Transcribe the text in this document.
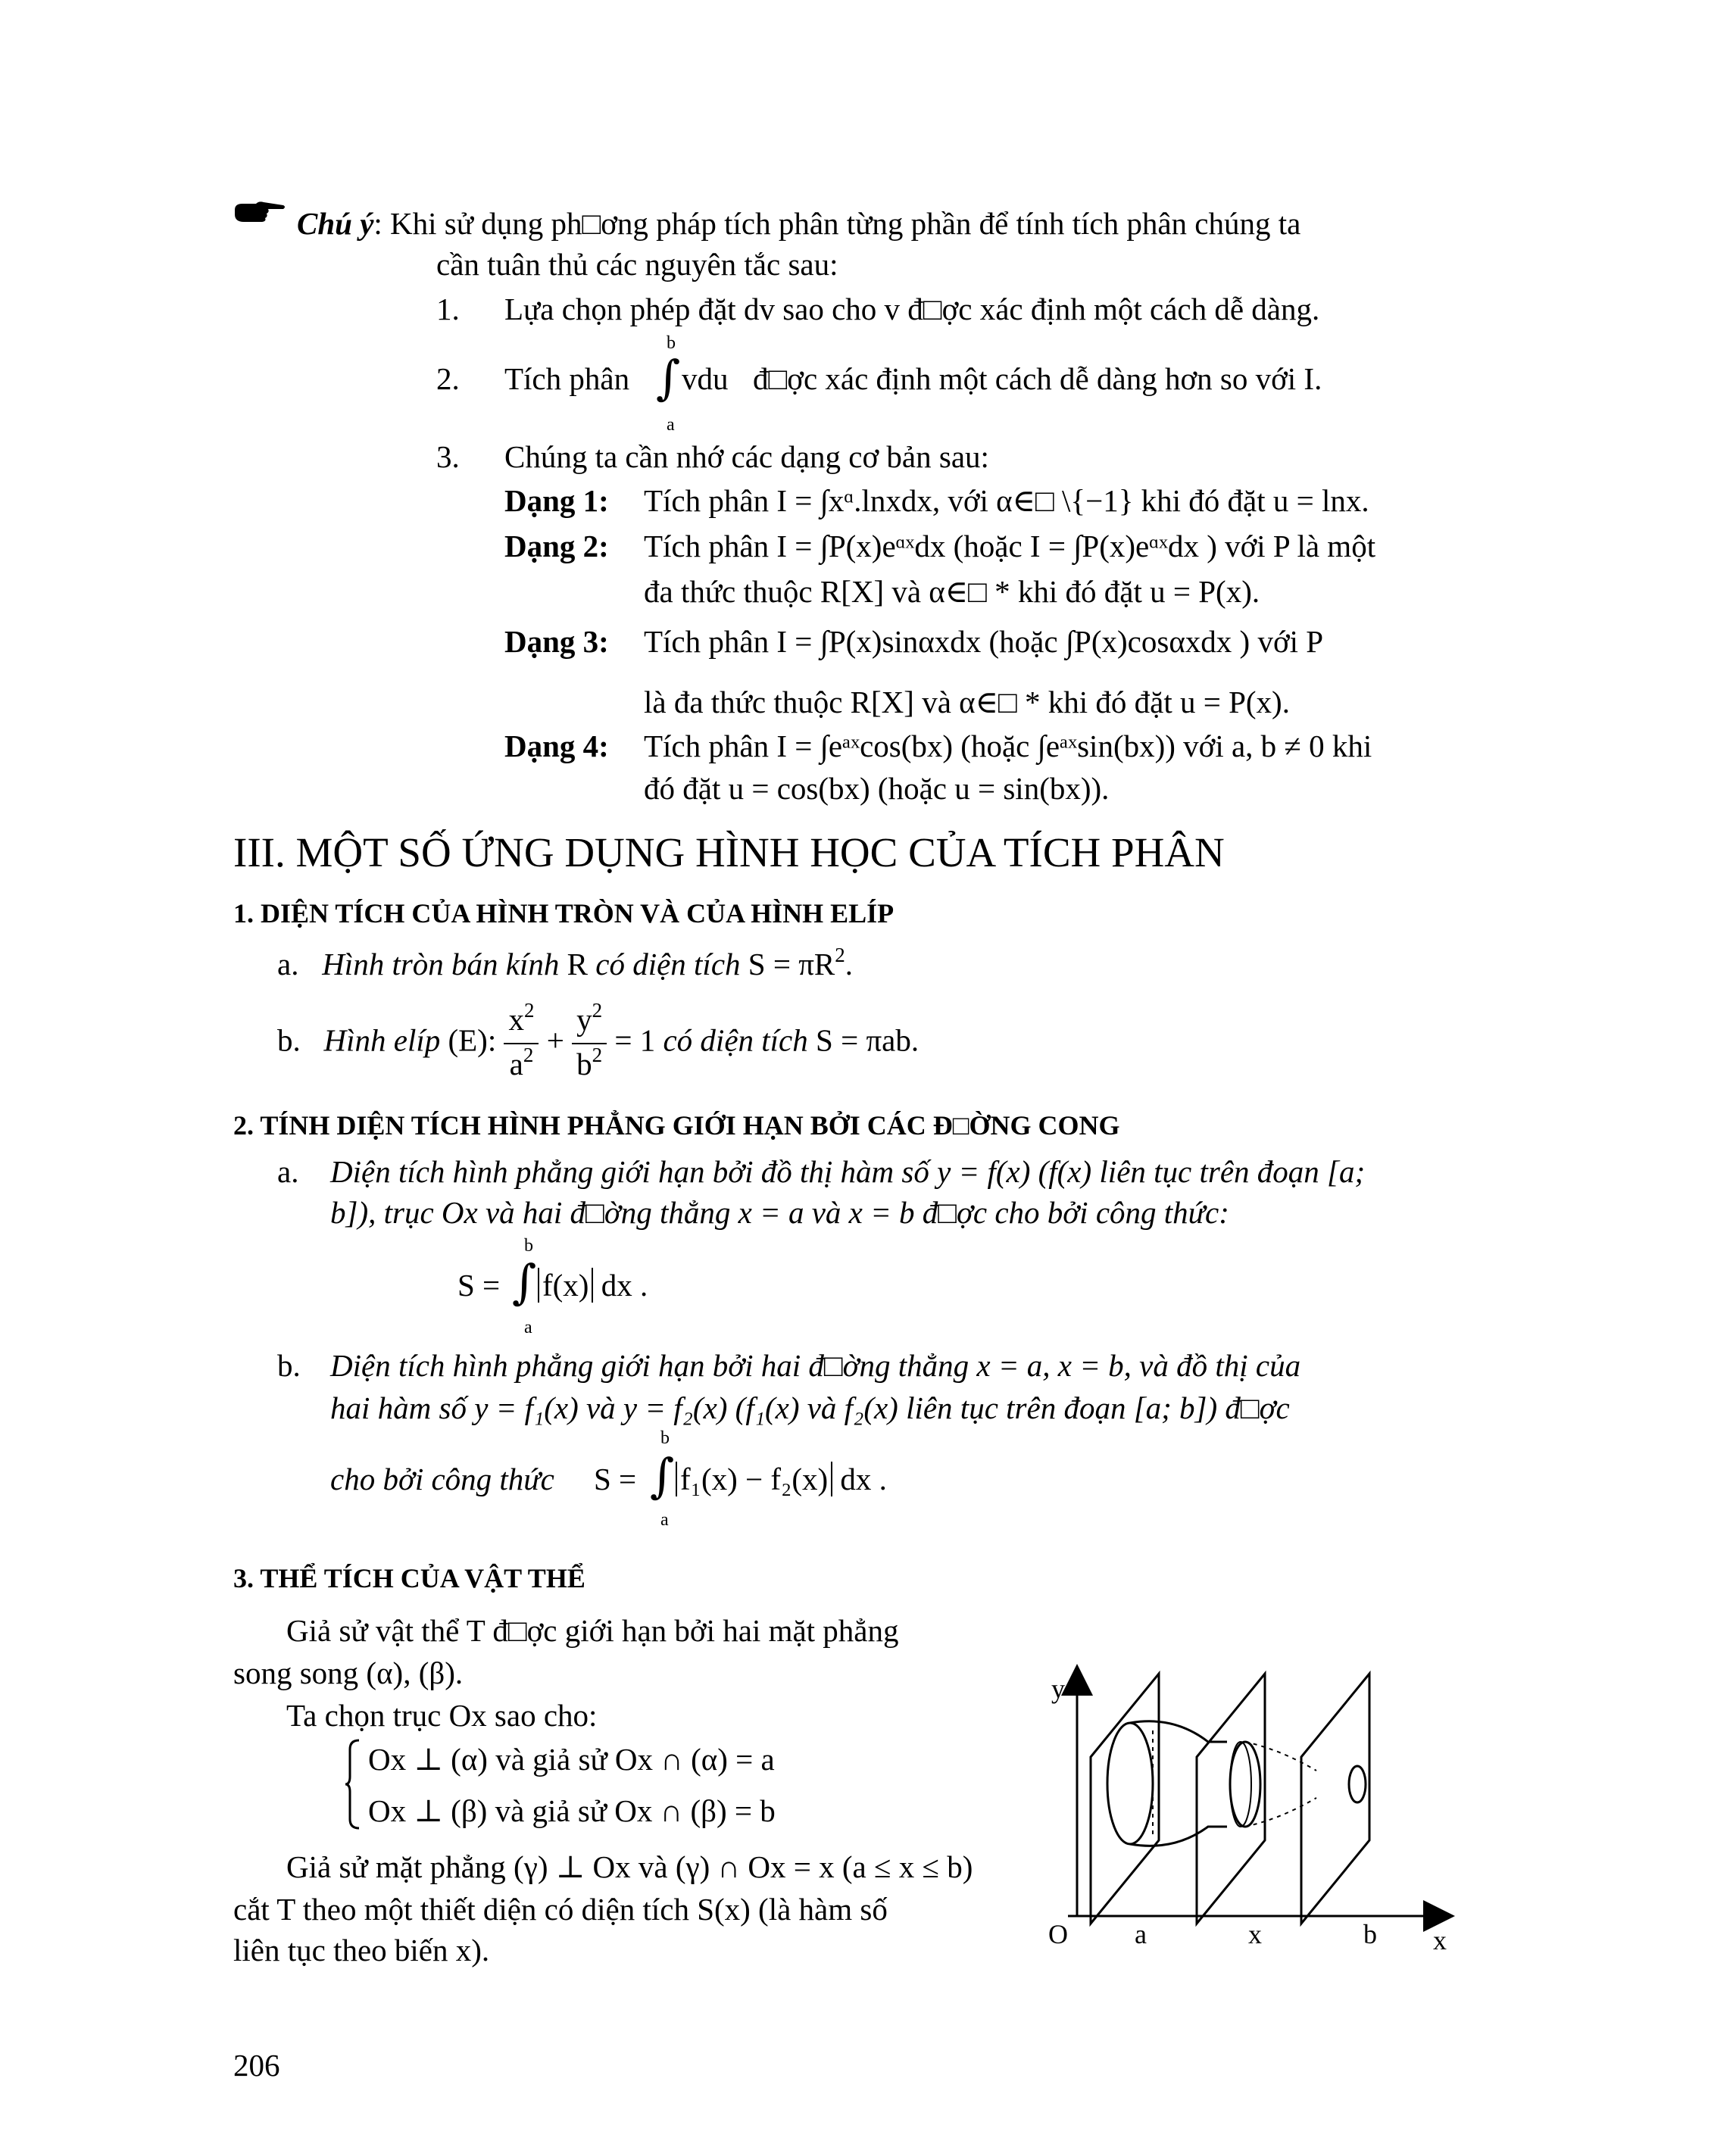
Chú ý: Khi sử dụng ph□ơng pháp tích phân từng phần để tính tích phân chúng ta
cần tuân thủ các nguyên tắc sau:
1. Lựa chọn phép đặt dv sao cho v đ□ợc xác định một cách dễ dàng.
2. Tích phân
b
∫
a
vdu đ□ợc xác định một cách dễ dàng hơn so với I.
3. Chúng ta cần nhớ các dạng cơ bản sau:
Dạng 1: Tích phân I = ∫xᵅ.lnxdx, với α∈□ \{−1} khi đó đặt u = lnx.
Dạng 2: Tích phân I = ∫P(x)eᵅˣdx (hoặc I = ∫P(x)eᵅˣdx ) với P là một
đa thức thuộc R[X] và α∈□ * khi đó đặt u = P(x).
Dạng 3: Tích phân I = ∫P(x)sinαxdx (hoặc ∫P(x)cosαxdx ) với P
là đa thức thuộc R[X] và α∈□ * khi đó đặt u = P(x).
Dạng 4: Tích phân I = ∫eᵃˣcos(bx) (hoặc ∫eᵃˣsin(bx)) với a, b ≠ 0 khi
đó đặt u = cos(bx) (hoặc u = sin(bx)).
III. MỘT SỐ ỨNG DỤNG HÌNH HỌC CỦA TÍCH PHÂN
1. DIỆN TÍCH CỦA HÌNH TRÒN VÀ CỦA HÌNH ELÍP
a. Hình tròn bán kính R có diện tích $S = \pi R^2$.
b. Hình elíp (E): $\frac{x^2}{a^2} + \frac{y^2}{b^2} = 1$ có diện tích S = πab.
2. TÍNH DIỆN TÍCH HÌNH PHẲNG GIỚI HẠN BỞI CÁC Đ□ỜNG CONG
a. Diện tích hình phẳng giới hạn bởi đồ thị hàm số y = f(x) (f(x) liên tục trên đoạn [a;
b]), trục Ox và hai đ□ờng thẳng x = a và x = b đ□ợc cho bởi công thức:
S =
b
∫
a
f(x) dx .
b. Diện tích hình phẳng giới hạn bởi hai đ□ờng thẳng x = a, x = b, và đồ thị của
hai hàm số y = f₁(x) và y = f₂(x) (f₁(x) và f₂(x) liên tục trên đoạn [a; b]) đ□ợc
cho bởi công thức S =
b
∫
a
f₁(x) − f₂(x) dx .
3. THỂ TÍCH CỦA VẬT THỂ
Giả sử vật thể T đ□ợc giới hạn bởi hai mặt phẳng
song song (α), (β).
Ta chọn trục Ox sao cho:
Ox ⊥ (α) và giả sử Ox ∩ (α) = a
Ox ⊥ (β) và giả sử Ox ∩ (β) = b
Giả sử mặt phẳng (γ) ⊥ Ox và (γ) ∩ Ox = x (a ≤ x ≤ b)
cắt T theo một thiết diện có diện tích S(x) (là hàm số
liên tục theo biến x).
y
O a	x	b x
206
